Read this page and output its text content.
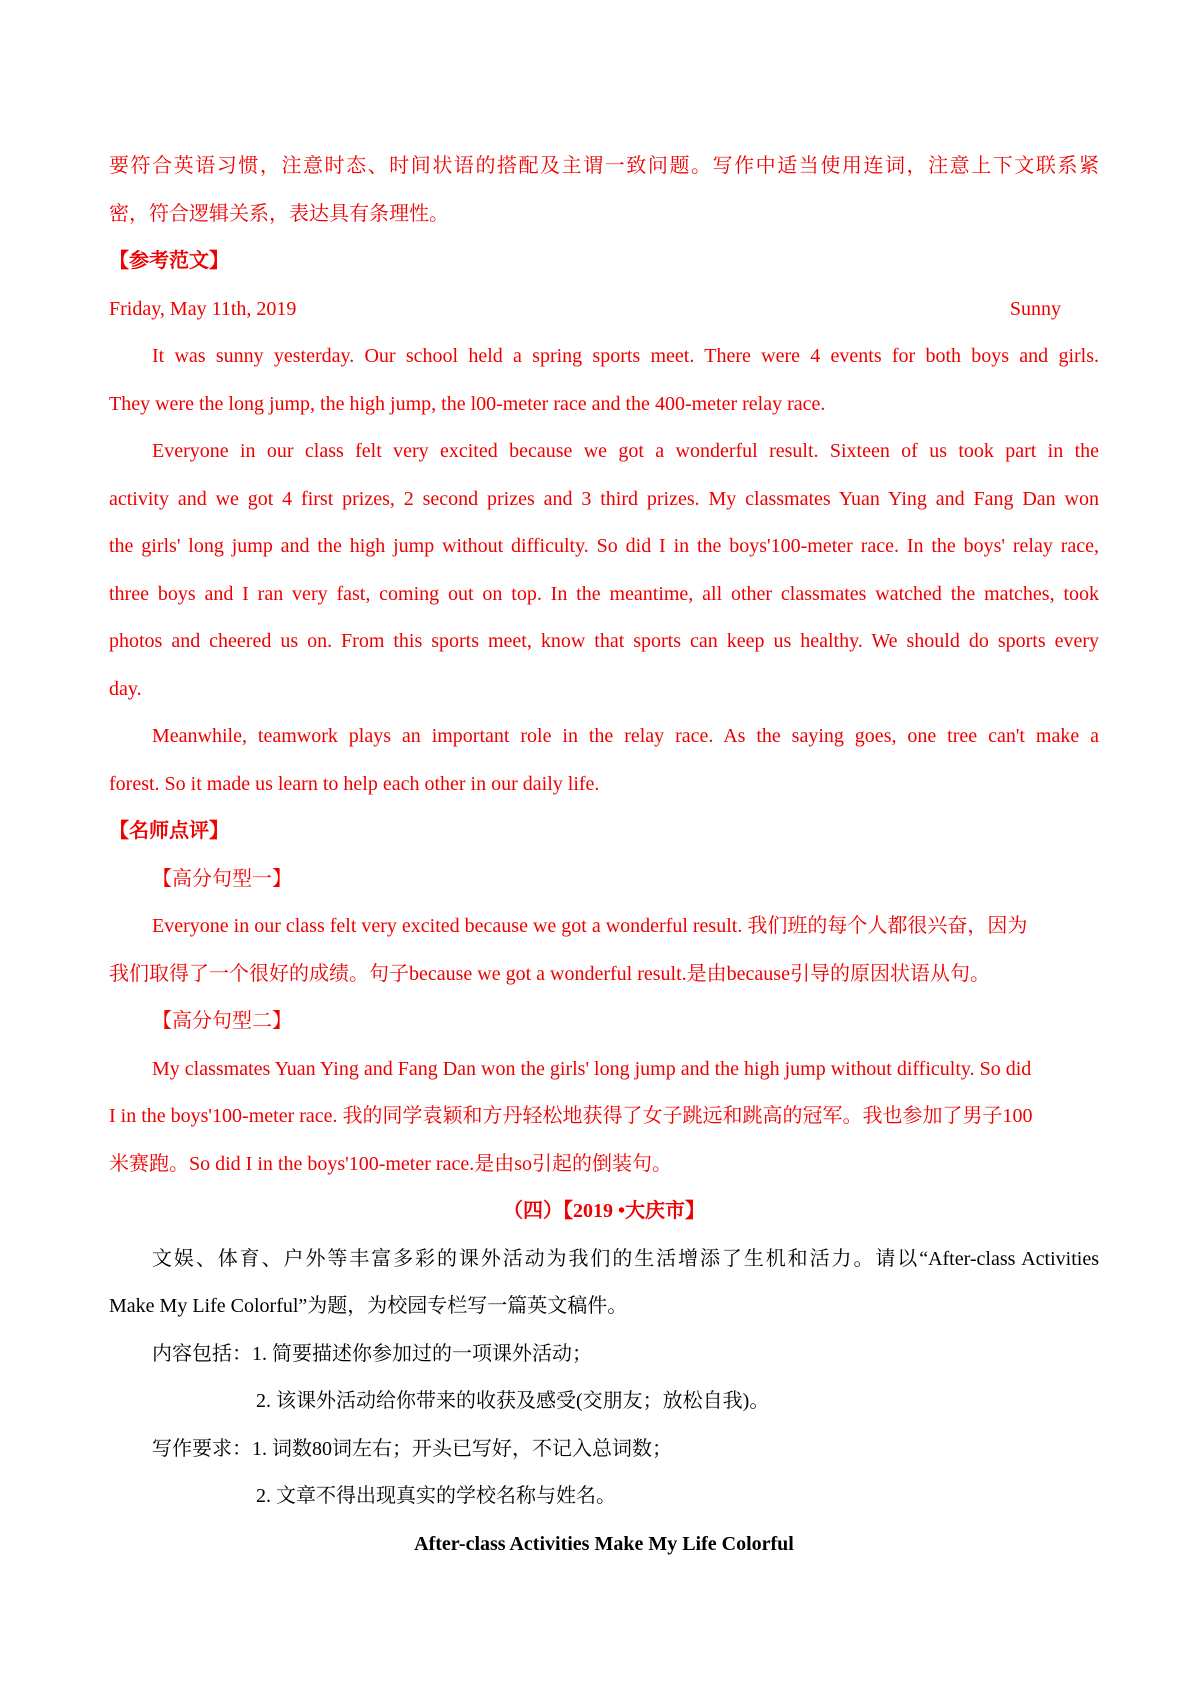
要符合英语习惯，注意时态、时间状语的搭配及主谓一致问题。写作中适当使用连词，注意上下文联系紧
密，符合逻辑关系，表达具有条理性。
【参考范文】
Friday, May 11th, 2019	Sunny
It was sunny yesterday. Our school held a spring sports meet. There were 4 events for both boys and girls.
They were the long jump, the high jump, the l00-meter race and the 400-meter relay race.
Everyone in our class felt very excited because we got a wonderful result. Sixteen of us took part in the
activity and we got 4 first prizes, 2 second prizes and 3 third prizes. My classmates Yuan Ying and Fang Dan won
the girls' long jump and the high jump without difficulty. So did I in the boys'100-meter race. In the boys' relay race,
three boys and I ran very fast, coming out on top. In the meantime, all other classmates watched the matches, took
photos and cheered us on. From this sports meet, know that sports can keep us healthy. We should do sports every
day.
Meanwhile, teamwork plays an important role in the relay race. As the saying goes, one tree can't make a
forest. So it made us learn to help each other in our daily life.
【名师点评】
【高分句型一】
Everyone in our class felt very excited because we got a wonderful result. 我们班的每个人都很兴奋，因为
我们取得了一个很好的成绩。句子because we got a wonderful result.是由because引导的原因状语从句。
【高分句型二】
My classmates Yuan Ying and Fang Dan won the girls' long jump and the high jump without difficulty. So did
I in the boys'100-meter race. 我的同学袁颖和方丹轻松地获得了女子跳远和跳高的冠军。我也参加了男子100
米赛跑。So did I in the boys'100-meter race.是由so引起的倒装句。
（四）【2019 •大庆市】
文娱、体育、户外等丰富多彩的课外活动为我们的生活增添了生机和活力。请以“After-class Activities
Make My Life Colorful”为题，为校园专栏写一篇英文稿件。
内容包括：1. 简要描述你参加过的一项课外活动；
2. 该课外活动给你带来的收获及感受(交朋友；放松自我)。
写作要求：1. 词数80词左右；开头已写好，不记入总词数；
2. 文章不得出现真实的学校名称与姓名。
After-class Activities Make My Life Colorful
